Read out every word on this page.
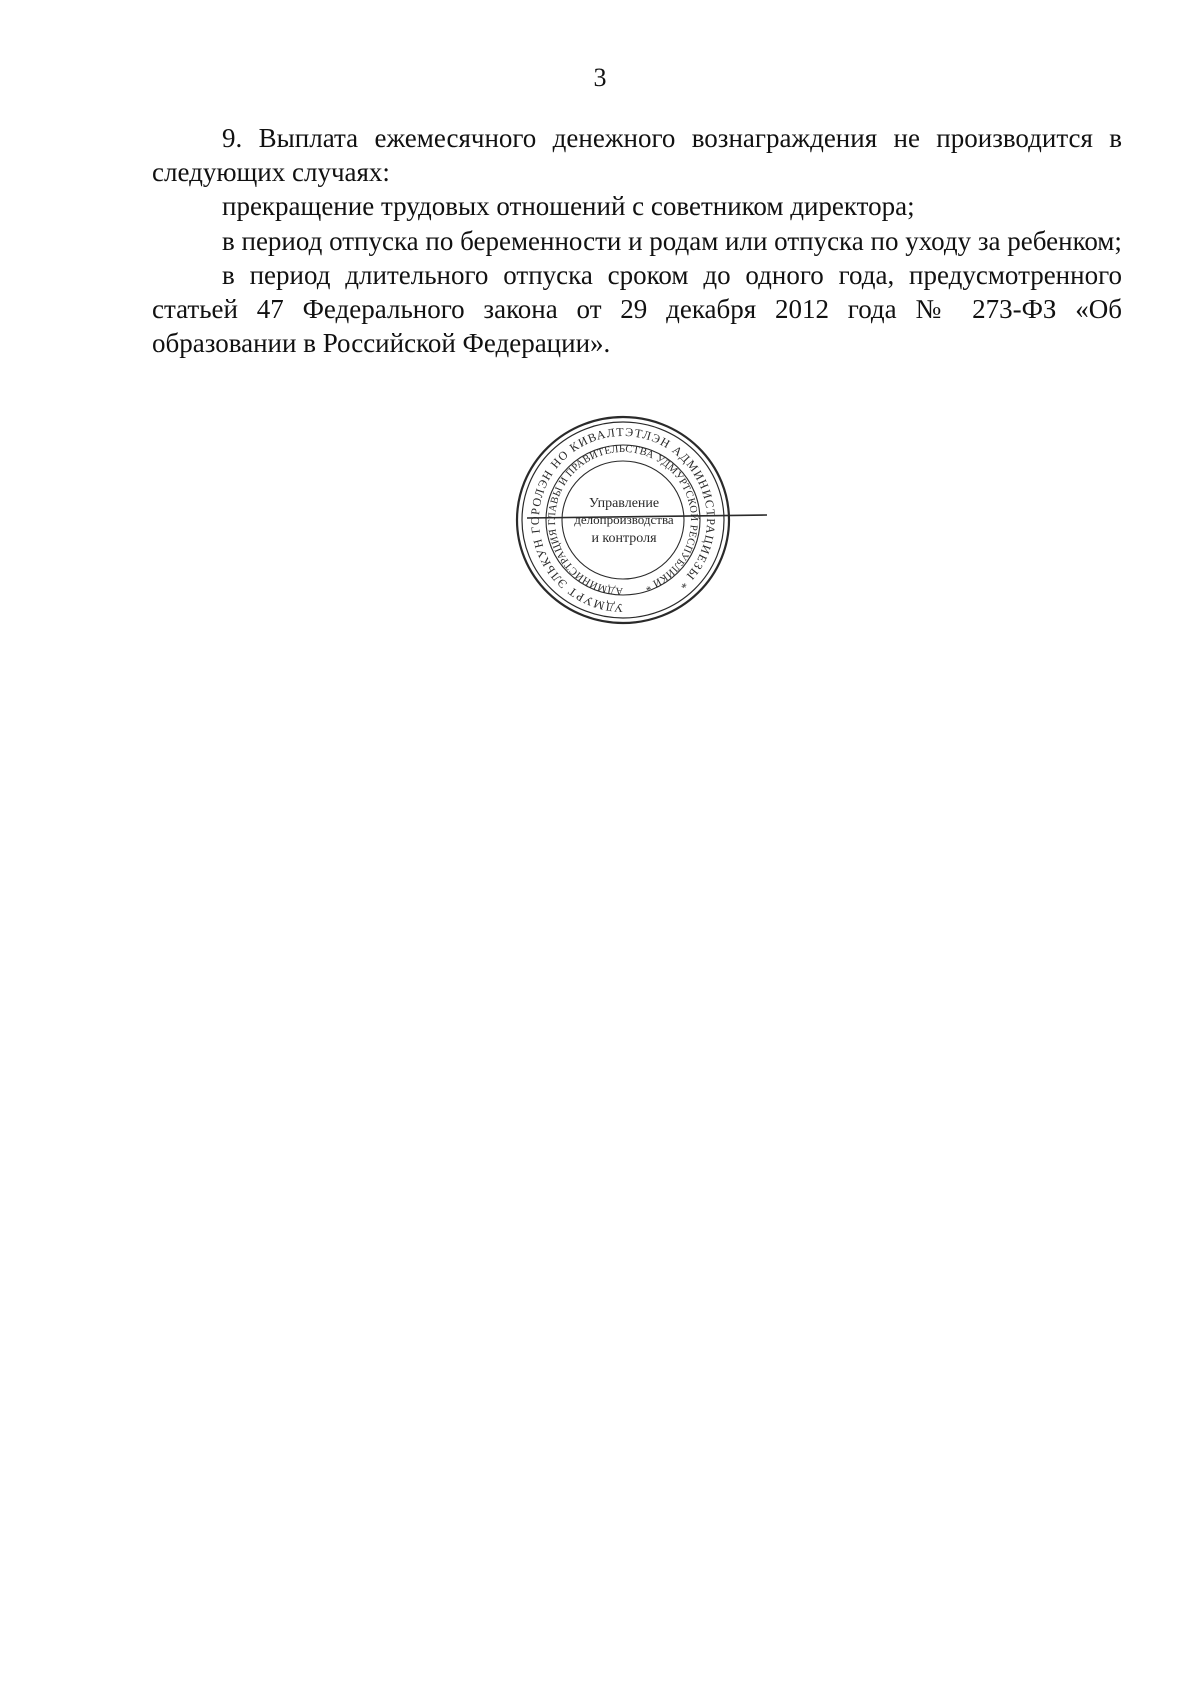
3

9. Выплата ежемесячного денежного вознаграждения не производится в следующих случаях:

прекращение трудовых отношений с советником директора;

в период отпуска по беременности и родам или отпуска по уходу за ребенком;

в период длительного отпуска сроком до одного года, предусмотренного статьей 47 Федерального закона от 29 декабря 2012 года № 273-ФЗ «Об образовании в Российской Федерации».

УДМУРТ ЭЛЬКУН ГОРОЛЭН НО КИВАЛТЭТЛЭН АДМИНИСТРАЦИЕЗЫ *
АДМИНИСТРАЦИЯ ГЛАВЫ И ПРАВИТЕЛЬСТВА УДМУРТСКОЙ РЕСПУБЛИКИ *
Управление
делопроизводства
и контроля
